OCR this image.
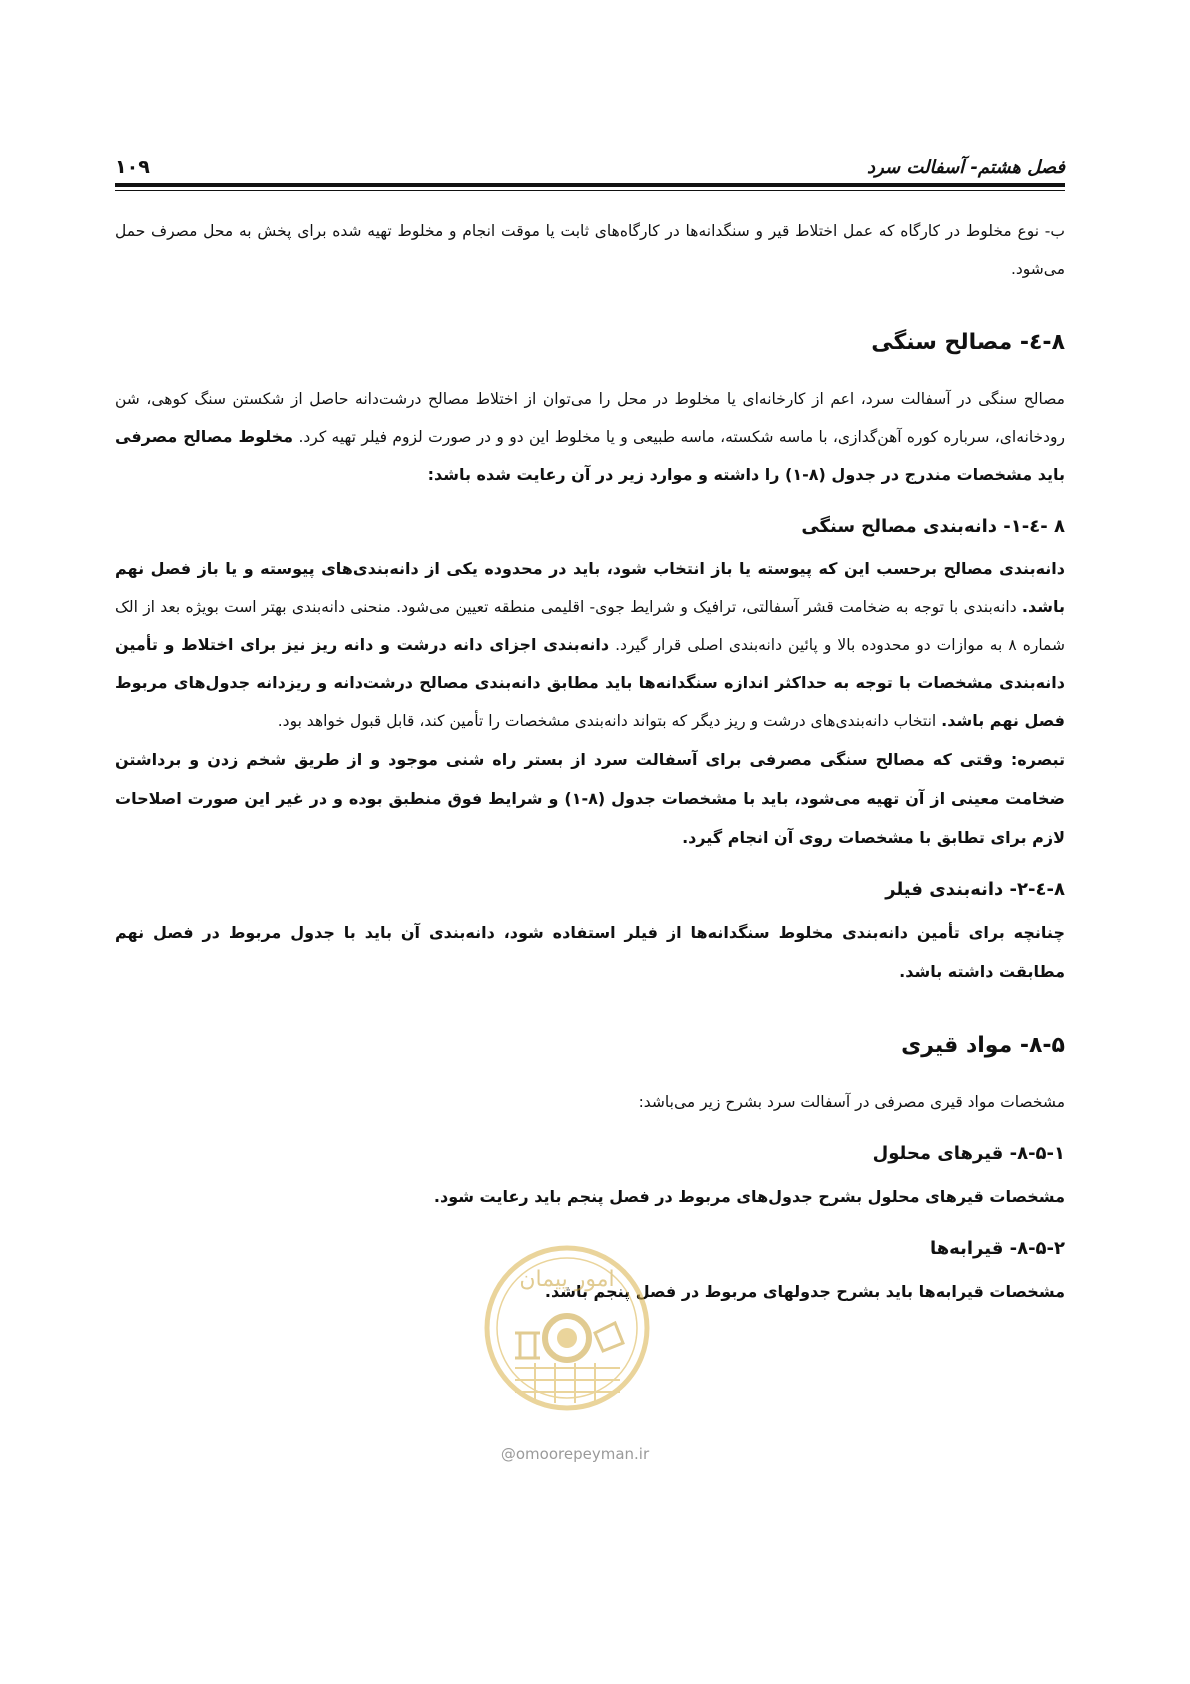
فصل هشتم- آسفالت سرد
۱۰۹

ب- نوع مخلوط در کارگاه که عمل اختلاط قیر و سنگدانه‌ها در کارگاه‌های ثابت یا موقت انجام و مخلوط تهیه شده برای پخش به محل مصرف حمل می‌شود.

۸-٤- مصالح سنگی

مصالح سنگی در آسفالت سرد، اعم از کارخانه‌ای یا مخلوط در محل را می‌توان از اختلاط مصالح درشت‌دانه حاصل از شکستن سنگ کوهی، شن رودخانه‌ای، سرباره کوره آهن‌گدازی، با ماسه شکسته، ماسه طبیعی و یا مخلوط این دو و در صورت لزوم فیلر تهیه کرد. مخلوط مصالح مصرفی باید مشخصات مندرج در جدول (۸-۱) را داشته و موارد زیر در آن رعایت شده باشد:

۸ -٤-۱- دانه‌بندی مصالح سنگی

دانه‌بندی مصالح برحسب این که پیوسته یا باز انتخاب شود، باید در محدوده یکی از دانه‌بندی‌های پیوسته و یا باز فصل نهم باشد. دانه‌بندی با توجه به ضخامت قشر آسفالتی، ترافیک و شرایط جوی- اقلیمی منطقه تعیین می‌شود. منحنی دانه‌بندی بهتر است بویژه بعد از الک شماره ۸ به موازات دو محدوده بالا و پائین دانه‌بندی اصلی قرار گیرد. دانه‌بندی اجزای دانه درشت و دانه ریز نیز برای اختلاط و تأمین دانه‌بندی مشخصات با توجه به حداکثر اندازه سنگدانه‌ها باید مطابق دانه‌بندی مصالح درشت‌دانه و ریزدانه جدول‌های مربوط فصل نهم باشد. انتخاب دانه‌بندی‌های درشت و ریز دیگر که بتواند دانه‌بندی مشخصات را تأمین کند، قابل قبول خواهد بود.

تبصره: وقتی که مصالح سنگی مصرفی برای آسفالت سرد از بستر راه شنی موجود و از طریق شخم زدن و برداشتن ضخامت معینی از آن تهیه می‌شود، باید با مشخصات جدول (۸-۱) و شرایط فوق منطبق بوده و در غیر این صورت اصلاحات لازم برای تطابق با مشخصات روی آن انجام گیرد.

۸-٤-۲- دانه‌بندی فیلر

چنانچه برای تأمین دانه‌بندی مخلوط سنگدانه‌ها از فیلر استفاده شود، دانه‌بندی آن باید با جدول مربوط در فصل نهم مطابقت داشته باشد.

۸-۵- مواد قیری

مشخصات مواد قیری مصرفی در آسفالت سرد بشرح زیر می‌باشد:

۸-۵-۱- قیرهای محلول

مشخصات قیرهای محلول بشرح جدول‌های مربوط در فصل پنجم باید رعایت شود.

۸-۵-۲- قیرابه‌ها

مشخصات قیرابه‌ها باید بشرح جدولهای مربوط در فصل پنجم باشد.

امور پیمان
@omoorepeyman.ir
